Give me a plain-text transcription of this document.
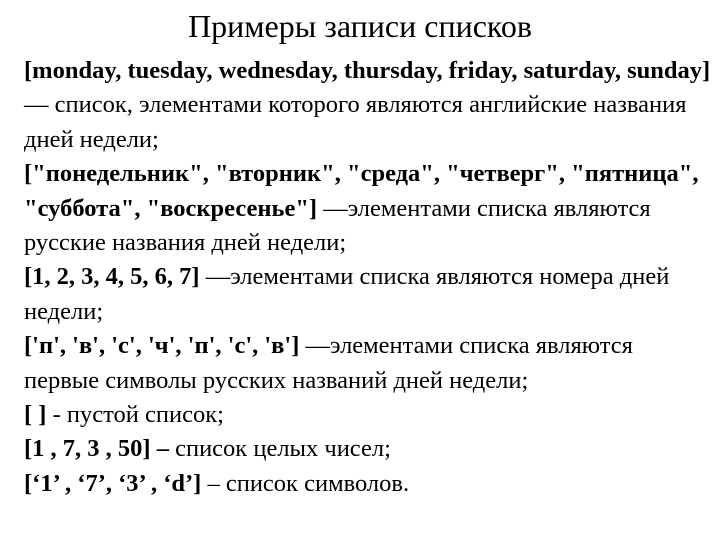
Примеры записи списков
[monday, tuesday, wednesday, thursday, friday, saturday, sunday] — список, элементами которого являются английские названия дней недели;
["понедельник", "вторник", "среда", "четверг", "пятница", "суббота", "воскресенье"] —элементами списка являются русские названия дней недели;
[1, 2, 3, 4, 5, 6, 7] —элементами списка являются номера дней недели;
['п', 'в', 'с', 'ч', 'п', 'с', 'в'] —элементами списка являются первые символы русских названий дней недели;
[ ] - пустой список;
[1 , 7, 3 , 50] – список целых чисел;
[‘1’ , ‘7’, ‘3’ , ‘d’] – список символов.
